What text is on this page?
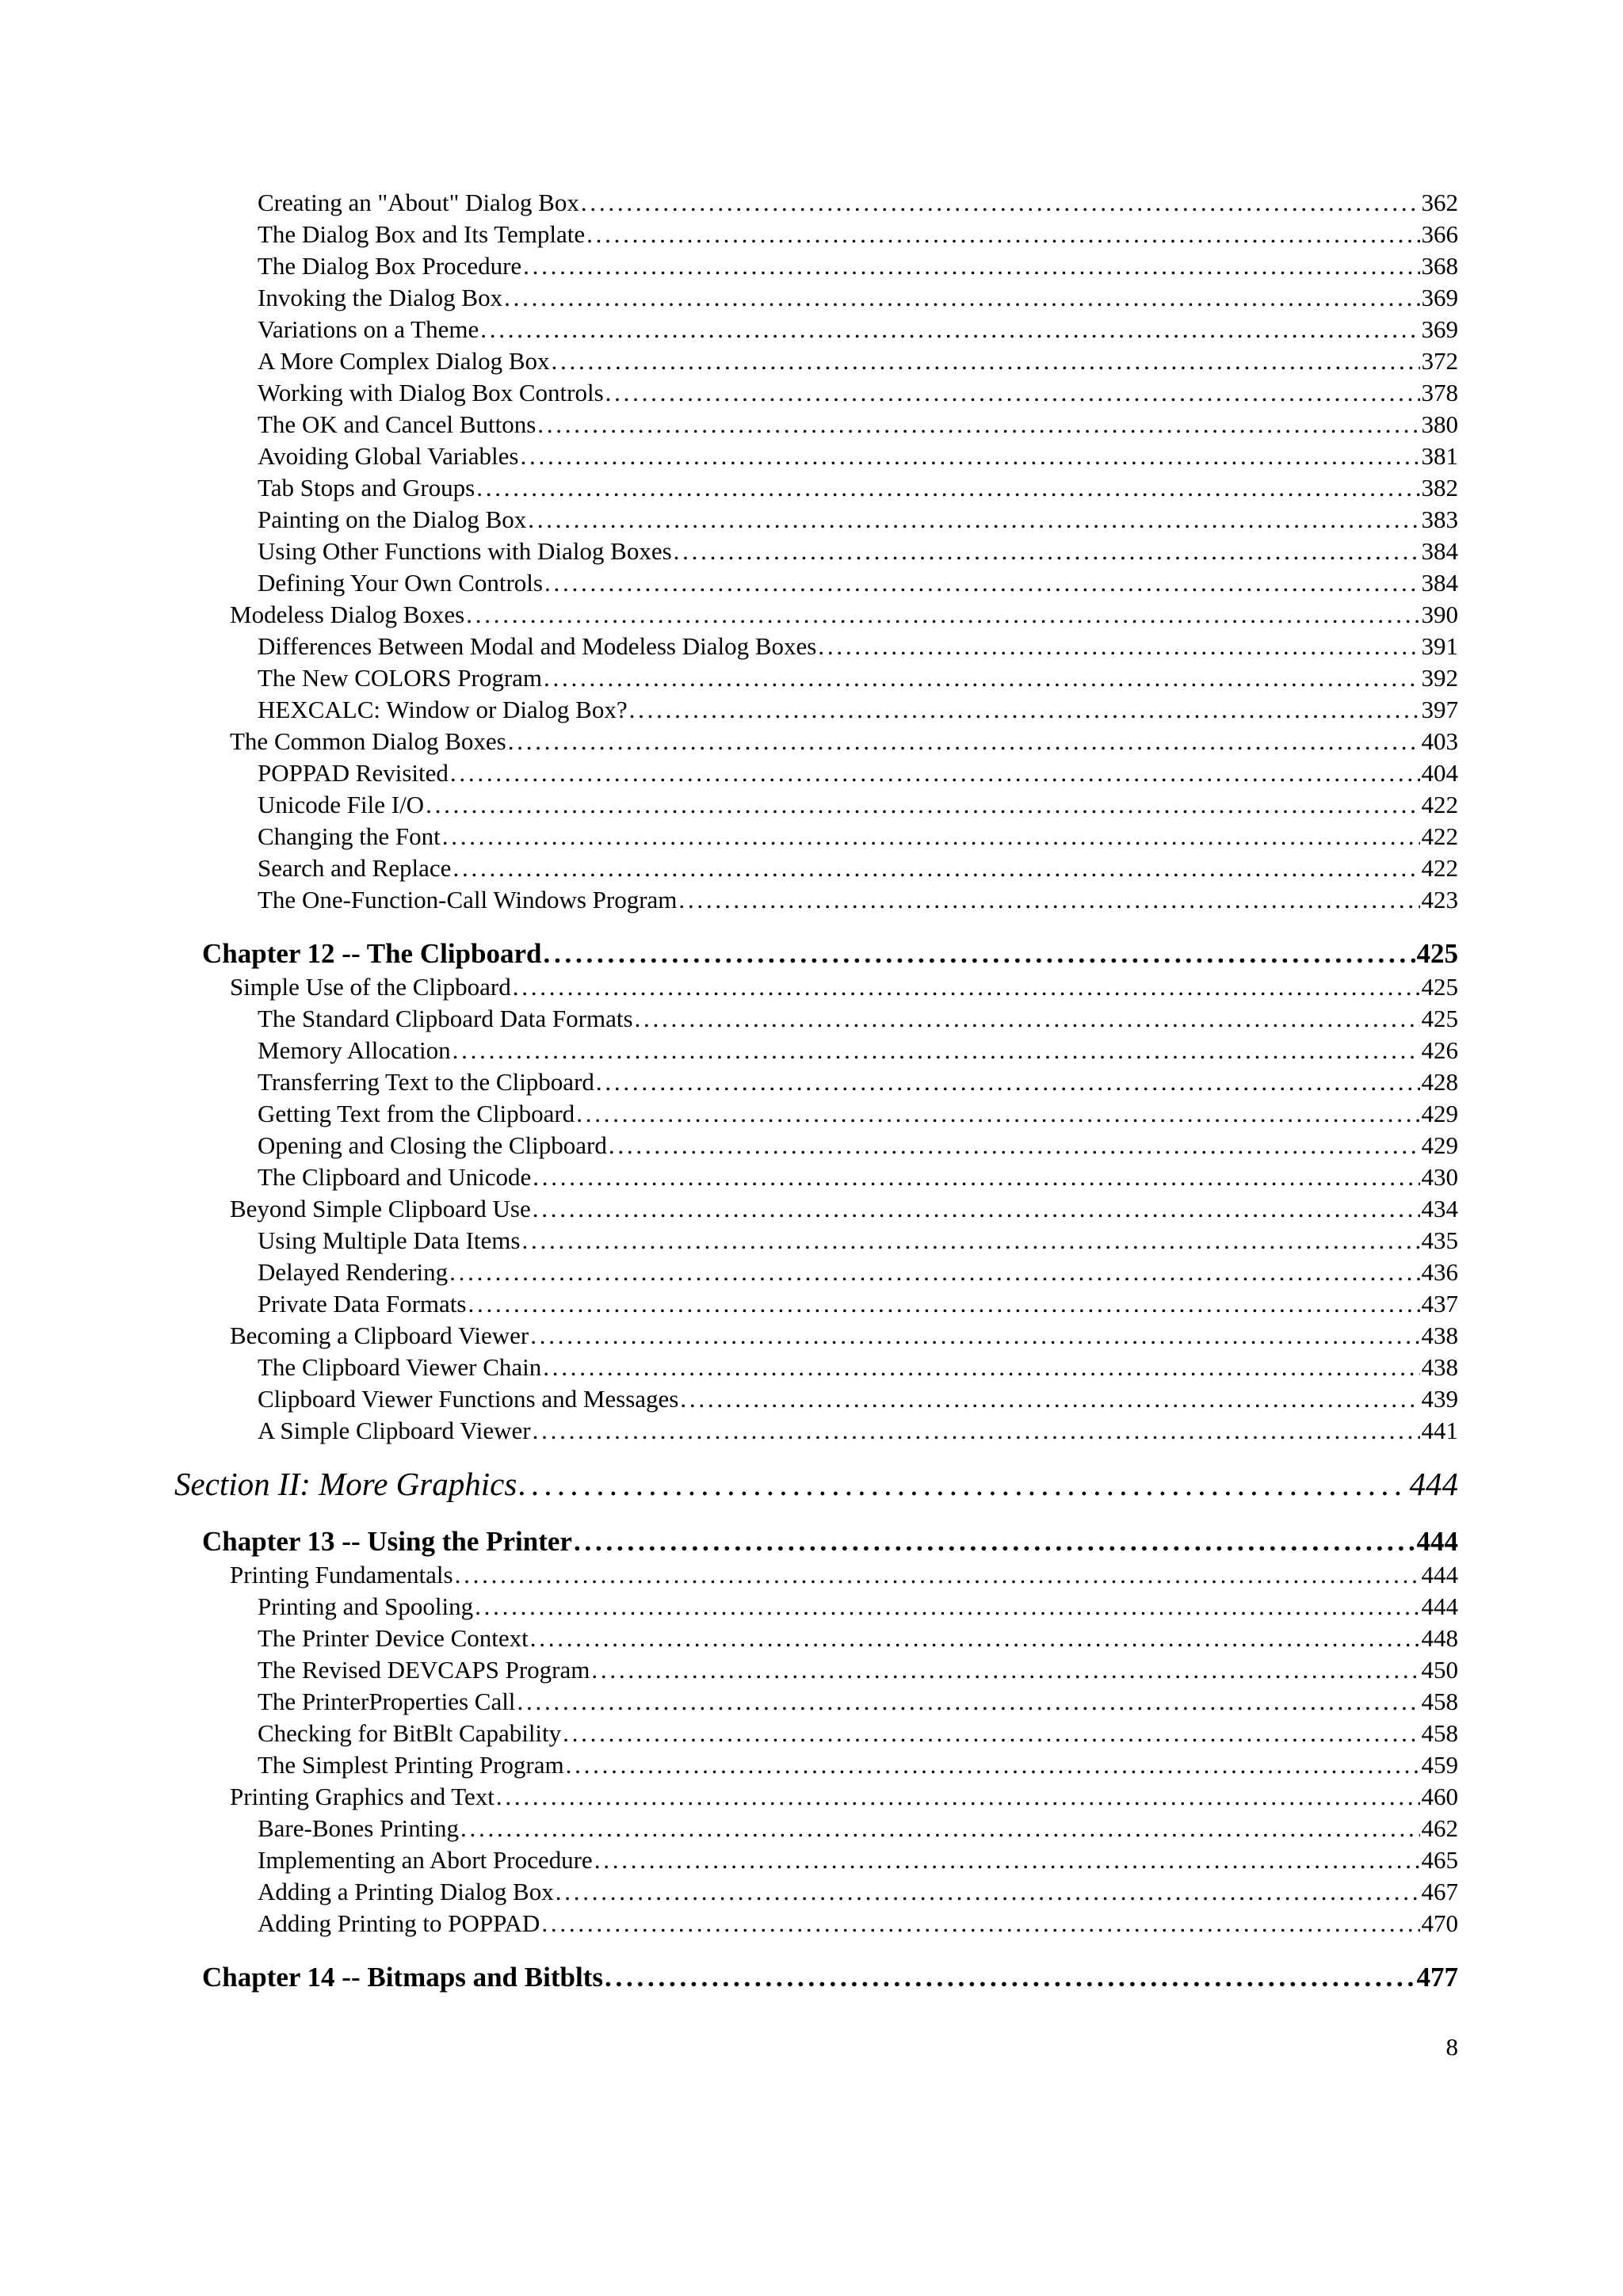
Creating an "About" Dialog Box . . .	362
The Dialog Box and Its Template . . .	366
The Dialog Box Procedure . . .	368
Invoking the Dialog Box . . .	369
Variations on a Theme . . .	369
A More Complex Dialog Box . . .	372
Working with Dialog Box Controls . . .	378
The OK and Cancel Buttons . . .	380
Avoiding Global Variables . . .	381
Tab Stops and Groups . . .	382
Painting on the Dialog Box . . .	383
Using Other Functions with Dialog Boxes . . .	384
Defining Your Own Controls . . .	384
Modeless Dialog Boxes . . .	390
Differences Between Modal and Modeless Dialog Boxes . . .	391
The New COLORS Program . . .	392
HEXCALC: Window or Dialog Box? . . .	397
The Common Dialog Boxes . . .	403
POPPAD Revisited . . .	404
Unicode File I/O . . .	422
Changing the Font . . .	422
Search and Replace . . .	422
The One-Function-Call Windows Program . . .	423
Chapter 12 -- The Clipboard . . .	425
Simple Use of the Clipboard . . .	425
The Standard Clipboard Data Formats . . .	425
Memory Allocation . . .	426
Transferring Text to the Clipboard . . .	428
Getting Text from the Clipboard . . .	429
Opening and Closing the Clipboard . . .	429
The Clipboard and Unicode . . .	430
Beyond Simple Clipboard Use . . .	434
Using Multiple Data Items . . .	435
Delayed Rendering . . .	436
Private Data Formats . . .	437
Becoming a Clipboard Viewer . . .	438
The Clipboard Viewer Chain . . .	438
Clipboard Viewer Functions and Messages . . .	439
A Simple Clipboard Viewer . . .	441
Section II: More Graphics . . .	444
Chapter 13 -- Using the Printer . . .	444
Printing Fundamentals . . .	444
Printing and Spooling . . .	444
The Printer Device Context . . .	448
The Revised DEVCAPS Program . . .	450
The PrinterProperties Call . . .	458
Checking for BitBlt Capability . . .	458
The Simplest Printing Program . . .	459
Printing Graphics and Text . . .	460
Bare-Bones Printing . . .	462
Implementing an Abort Procedure . . .	465
Adding a Printing Dialog Box . . .	467
Adding Printing to POPPAD . . .	470
Chapter 14 -- Bitmaps and Bitblts . . .	477
8
